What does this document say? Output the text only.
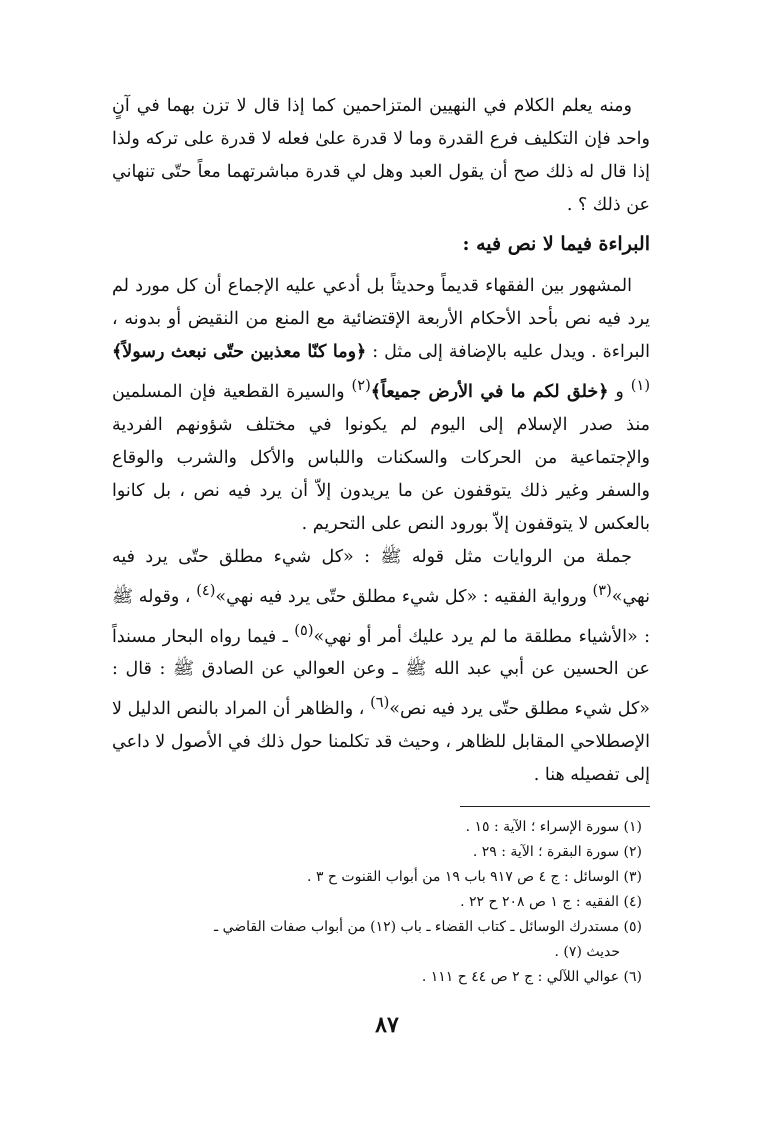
ومنه يعلم الكلام في النهيين المتزاحمين كما إذا قال لا تزن بهما في آنٍ واحد فإن التكليف فرع القدرة وما لا قدرة علىٰ فعله لا قدرة على تركه ولذا إذا قال له ذلك صح أن يقول العبد وهل لي قدرة مباشرتهما معاً حتّى تنهاني عن ذلك ؟ .

البراءة فيما لا نص فيه :

المشهور بين الفقهاء قديماً وحديثاً بل أدعي عليه الإجماع أن كل مورد لم يرد فيه نص بأحد الأحكام الأربعة الإقتضائية مع المنع من النقيض أو بدونه ، البراءة . ويدل عليه بالإضافة إلى مثل : ﴿وما كنّا معذبين حتّى نبعث رسولاً﴾$^{(١)}$ و ﴿خلق لكم ما في الأرض جميعاً﴾$^{(٢)}$ والسيرة القطعية فإن المسلمين منذ صدر الإسلام إلى اليوم لم يكونوا في مختلف شؤونهم الفردية والإجتماعية من الحركات والسكنات واللباس والأكل والشرب والوقاع والسفر وغير ذلك يتوقفون عن ما يريدون إلاّ أن يرد فيه نص ، بل كانوا بالعكس لا يتوقفون إلاّ بورود النص على التحريم .

جملة من الروايات مثل قوله ﷺ : «كل شيء مطلق حتّى يرد فيه نهي»$^{(٣)}$ ورواية الفقيه : «كل شيء مطلق حتّى يرد فيه نهي»$^{(٤)}$ ، وقوله ﷺ : «الأشياء مطلقة ما لم يرد عليك أمر أو نهي»$^{(٥)}$ ـ فيما رواه البحار مسنداً عن الحسين عن أبي عبد الله ﷺ ـ وعن العوالي عن الصادق ﷺ : قال : «كل شيء مطلق حتّى يرد فيه نص»$^{(٦)}$ ، والظاهر أن المراد بالنص الدليل لا الإصطلاحي المقابل للظاهر ، وحيث قد تكلمنا حول ذلك في الأصول لا داعي إلى تفصيله هنا .

(١) سورة الإسراء ؛ الآية : ١٥ .

(٢) سورة البقرة ؛ الآية : ٢٩ .

(٣) الوسائل : ج ٤ ص ٩١٧ باب ١٩ من أبواب القنوت ح ٣ .

(٤) الفقيه : ج ١ ص ٢٠٨ ح ٢٢ .

(٥) مستدرك الوسائل ـ كتاب القضاء ـ باب (١٢) من أبواب صفات القاضي ـ

حديث (٧) .

(٦) عوالي اللآلي : ج ٢ ص ٤٤ ح ١١١ .

٨٧
